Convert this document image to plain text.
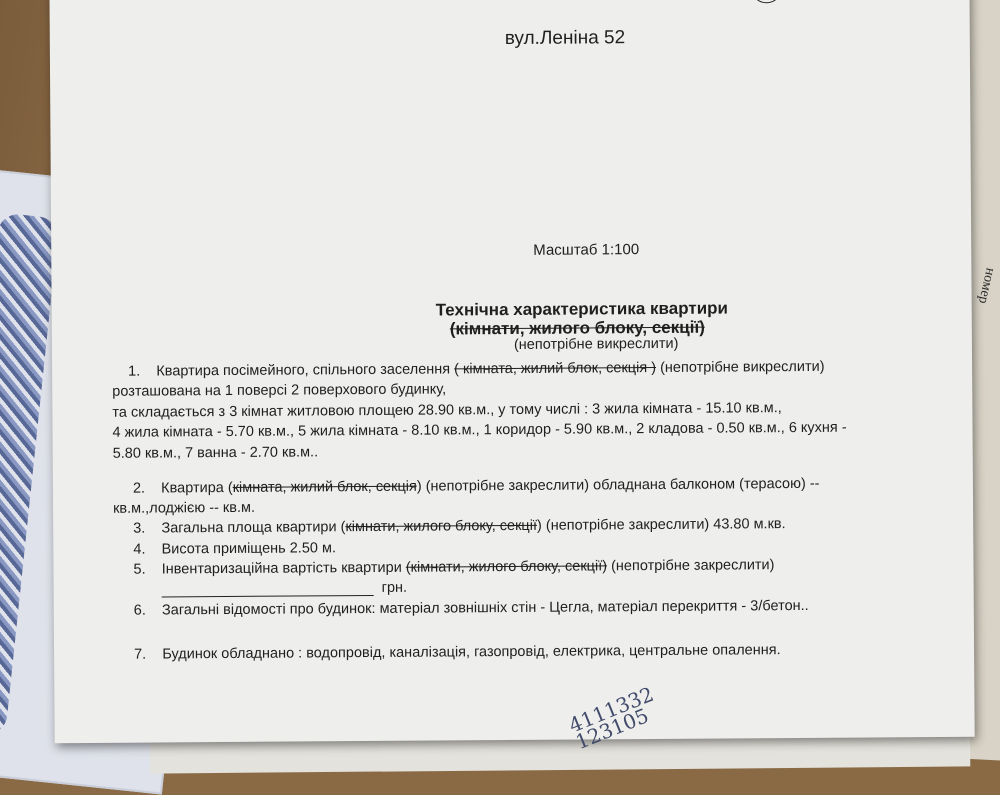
номер
вул.Леніна 52
Масштаб 1:100
Технічна характеристика квартири
(кімнати, жилого блоку, секції)
(непотрібне викреслити)
1. Квартира посімейного, спільного заселення ( кімната, жилий блок, секція ) (непотрібне викреслити)
розташована на 1 поверсі 2 поверхового будинку,
та складається з 3 кімнат житловою площею 28.90 кв.м., у тому числі : 3 жила кімната - 15.10 кв.м.,
4 жила кімната - 5.70 кв.м., 5 жила кімната - 8.10 кв.м., 1 коридор - 5.90 кв.м., 2 кладова - 0.50 кв.м., 6 кухня -
5.80 кв.м., 7 ванна - 2.70 кв.м..
2. Квартира (кімната, жилий блок, секція) (непотрібне закреслити) обладнана балконом (терасою) --
кв.м.,лоджією -- кв.м.
3. Загальна площа квартири (кімнати, жилого блоку, секції) (непотрібне закреслити) 43.80 м.кв.
4. Висота приміщень 2.50 м.
5. Інвентаризаційна вартість квартири (кімнати, жилого блоку, секції) (непотрібне закреслити)
грн.
6. Загальні відомості про будинок: матеріал зовнішніх стін - Цегла, матеріал перекриття - 3/бетон..
7. Будинок обладнано : водопровід, каналізація, газопровід, електрика, центральне опалення.
4111332
123105
